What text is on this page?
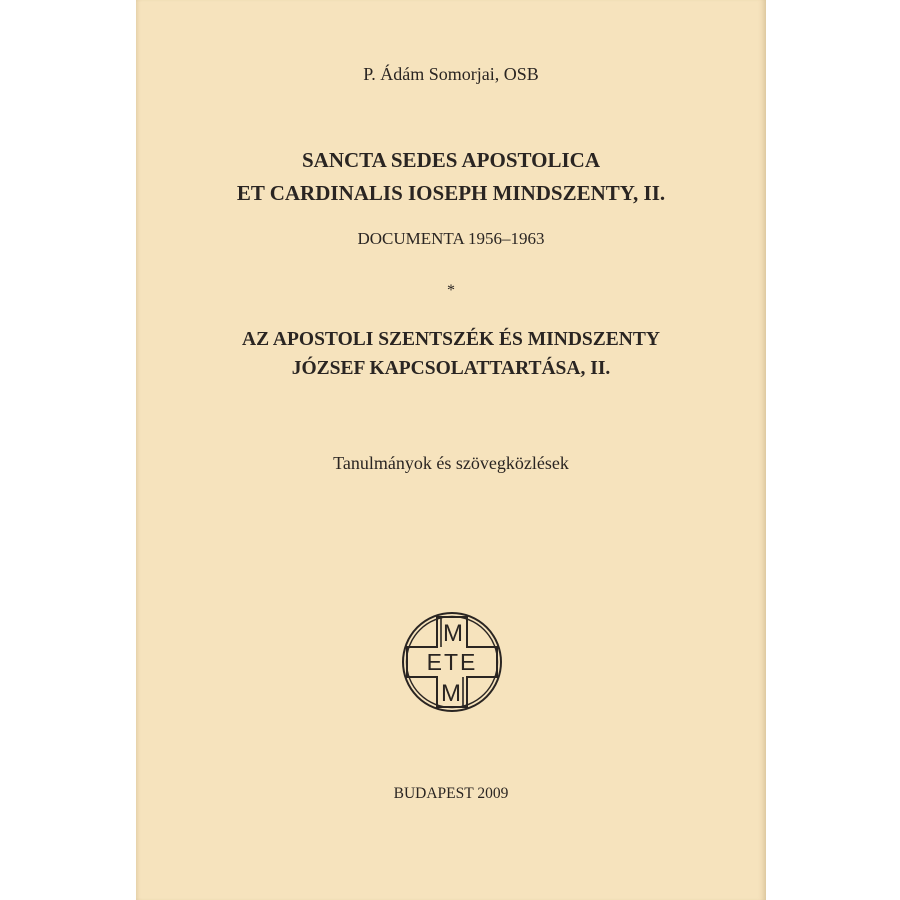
P. Ádám Somorjai, OSB
SANCTA SEDES APOSTOLICA
ET CARDINALIS IOSEPH MINDSZENTY, II.
DOCUMENTA 1956–1963
*
AZ APOSTOLI SZENTSZÉK ÉS MINDSZENTY
JÓZSEF KAPCSOLATTARTÁSA, II.
Tanulmányok és szövegközlések
M
ETE
M
BUDAPEST 2009
